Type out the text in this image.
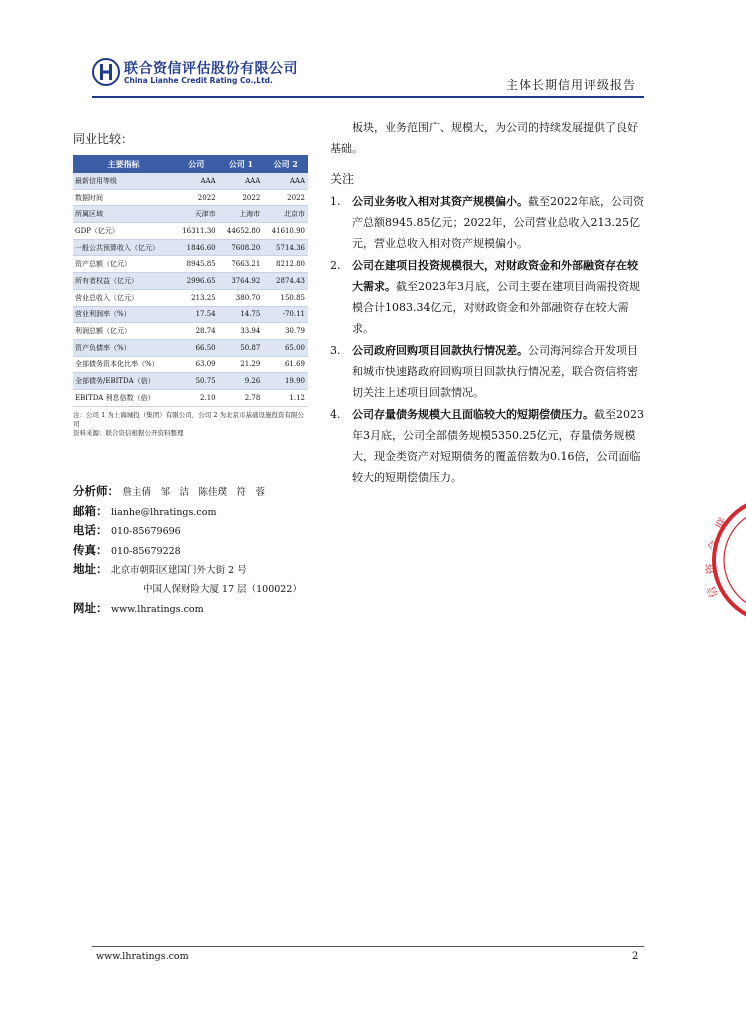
联合资信评估股份有限公司
China Lianhe Credit Rating Co.,Ltd.	主体长期信用评级报告
同业比较：
主要指标	公司	公司 1	公司 2
最新信用等级	AAA	AAA	AAA
数据时间	2022	2022	2022
所属区域	天津市	上海市	北京市
GDP（亿元）	16311.30	44652.80	41610.90
一般公共预算收入（亿元）	1846.60	7608.20	5714.36
资产总额（亿元）	8945.85	7663.21	8212.80
所有者权益（亿元）	2996.65	3764.92	2874.43
营业总收入（亿元）	213.25	380.70	150.85
营业利润率（%）	17.54	14.75	-70.11
利润总额（亿元）	28.74	33.94	30.79
资产负债率（%）	66.50	50.87	65.00
全部债务资本化比率（%）	63.09	21.29	61.69
全部债务/EBITDA（倍）	50.75	9.26	19.90
EBITDA 利息倍数（倍）	2.10	2.78	1.12
注：公司 1 为上海城投（集团）有限公司，公司 2 为北京市基础设施投资有限公司
资料来源：联合资信根据公开资料整理
分析师： 詹主倩　邹　洁　陈佳璞　符　蓉
邮箱： lianhe@lhratings.com
电话： 010-85679696
传真： 010-85679228
地址： 北京市朝阳区建国门外大街 2 号
中国人保财险大厦 17 层（100022）
网址： www.lhratings.com

板块，业务范围广、规模大，为公司的持续发展提供了良好基础。

关注
1. 公司业务收入相对其资产规模偏小。截至2022年底，公司资产总额8945.85亿元；2022年，公司营业总收入213.25亿元，营业总收入相对资产规模偏小。
2. 公司在建项目投资规模很大，对财政资金和外部融资存在较大需求。截至2023年3月底，公司主要在建项目尚需投资规模合计1083.34亿元，对财政资金和外部融资存在较大需求。
3. 公司政府回购项目回款执行情况差。公司海河综合开发项目和城市快速路政府回购项目回款执行情况差，联合资信将密切关注上述项目回款情况。
4. 公司存量债务规模大且面临较大的短期偿债压力。截至2023年3月底，公司全部债务规模5350.25亿元，存量债务规模大，现金类资产对短期债务的覆盖倍数为0.16倍，公司面临较大的短期偿债压力。
联
合
资
信
www.lhratings.com	2
